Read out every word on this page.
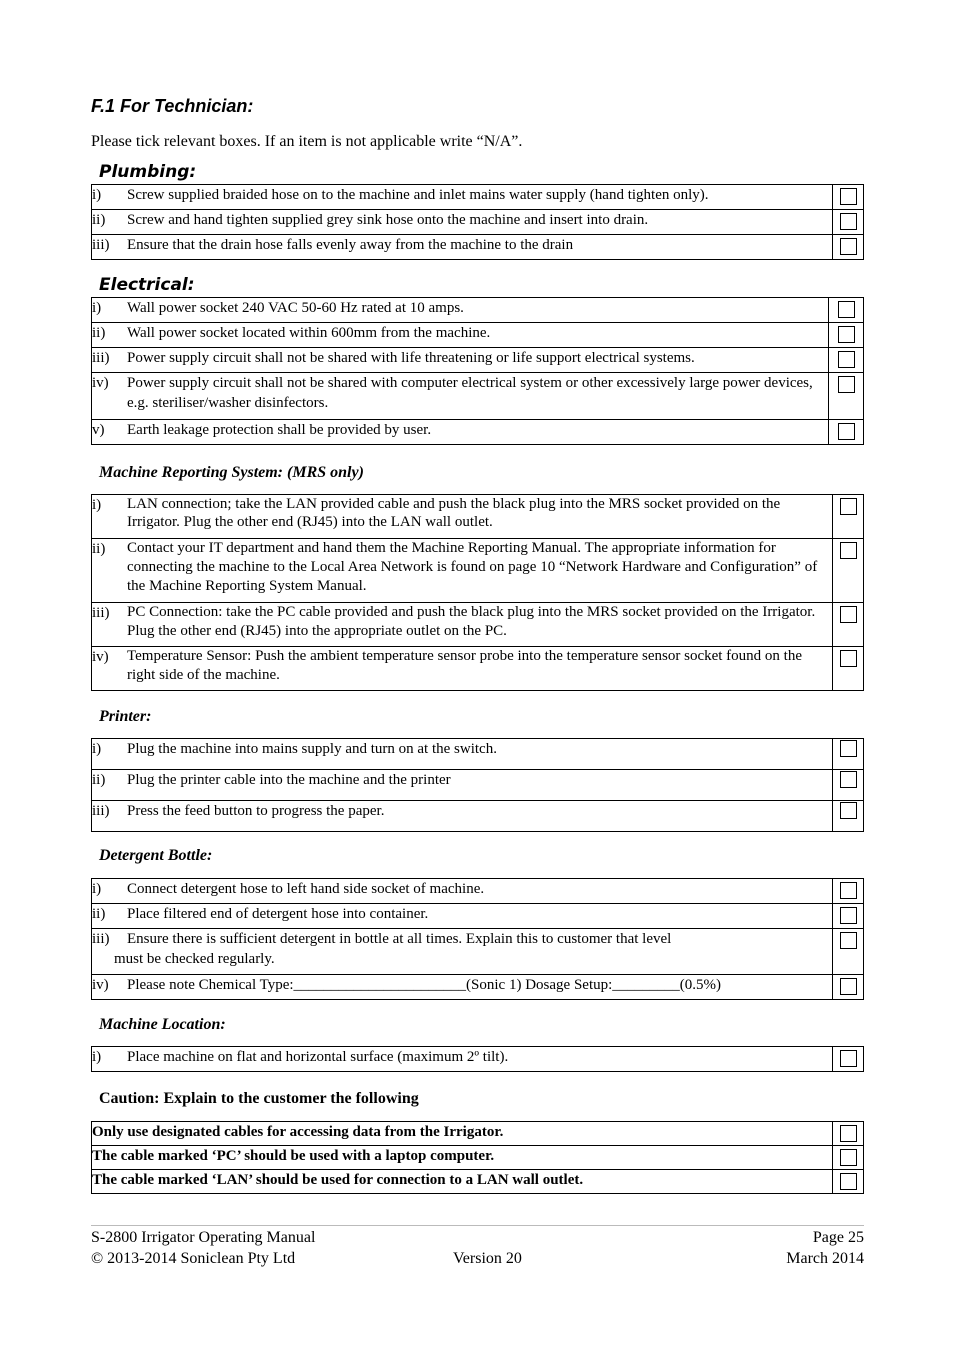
F.1 For Technician:
Please tick relevant boxes. If an item is not applicable write “N/A”.
Plumbing:
i) Screw supplied braided hose on to the machine and inlet mains water supply (hand tighten only).	

ii) Screw and hand tighten supplied grey sink hose onto the machine and insert into drain.	

iii) Ensure that the drain hose falls evenly away from the machine to the drain	

Electrical:
i) Wall power socket 240 VAC 50-60 Hz rated at 10 amps.	

ii) Wall power socket located within 600mm from the machine.	

iii) Power supply circuit shall not be shared with life threatening or life support electrical systems.	

iv) Power supply circuit shall not be shared with computer electrical system or other excessively large power devices, e.g. steriliser/washer disinfectors.	

v) Earth leakage protection shall be provided by user.	

Machine Reporting System: (MRS only)
i) LAN connection; take the LAN provided cable and push the black plug into the MRS socket provided on the Irrigator. Plug the other end (RJ45) into the LAN wall outlet.	

ii) Contact your IT department and hand them the Machine Reporting Manual. The appropriate information for connecting the machine to the Local Area Network is found on page 10 “Network Hardware and Configuration” of the Machine Reporting System Manual.	

iii) PC Connection: take the PC cable provided and push the black plug into the MRS socket provided on the Irrigator. Plug the other end (RJ45) into the appropriate outlet on the PC.	

iv) Temperature Sensor: Push the ambient temperature sensor probe into the temperature sensor socket found on the right side of the machine.	

Printer:
i) Plug the machine into mains supply and turn on at the switch.	

ii) Plug the printer cable into the machine and the printer	

iii) Press the feed button to progress the paper.	

Detergent Bottle:
i) Connect detergent hose to left hand side socket of machine.	

ii) Place filtered end of detergent hose into container.	

iii) Ensure there is sufficient detergent in bottle at all times. Explain this to customer that level
must be checked regularly.	

iv) Please note Chemical Type:_______________________(Sonic 1) Dosage Setup:_________(0.5%)	

Machine Location:
i)	Place machine on flat and horizontal surface (maximum 2º tilt).

Caution: Explain to the customer the following
Only use designated cables for accessing data from the Irrigator.	

The cable marked ‘PC’ should be used with a laptop computer.	

The cable marked ‘LAN’ should be used for connection to a LAN wall outlet.	
S-2800 Irrigator Operating Manual
© 2013-2014 Soniclean Pty Ltd	Version 20
Page 25
March 2014
